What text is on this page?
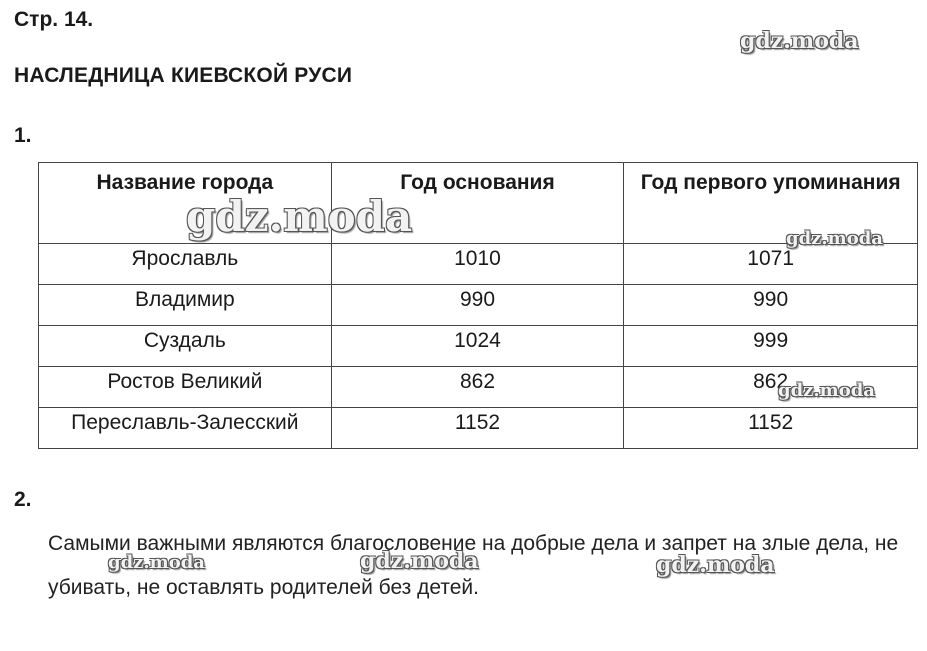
Стр. 14.
НАСЛЕДНИЦА КИЕВСКОЙ РУСИ
1.
Название города	Год основания	Год первого упоминания
Ярославль	1010	1071
Владимир	990	990
Суздаль	1024	999
Ростов Великий	862	862
Переславль-Залесский	1152	1152
2.
Самыми важными являются благословение на добрые дела и запрет на злые дела, не убивать, не оставлять родителей без детей.
gdz.moda
gdz.moda	gdz.moda
gdz.moda
gdz.moda	gdz.moda	gdz.moda
